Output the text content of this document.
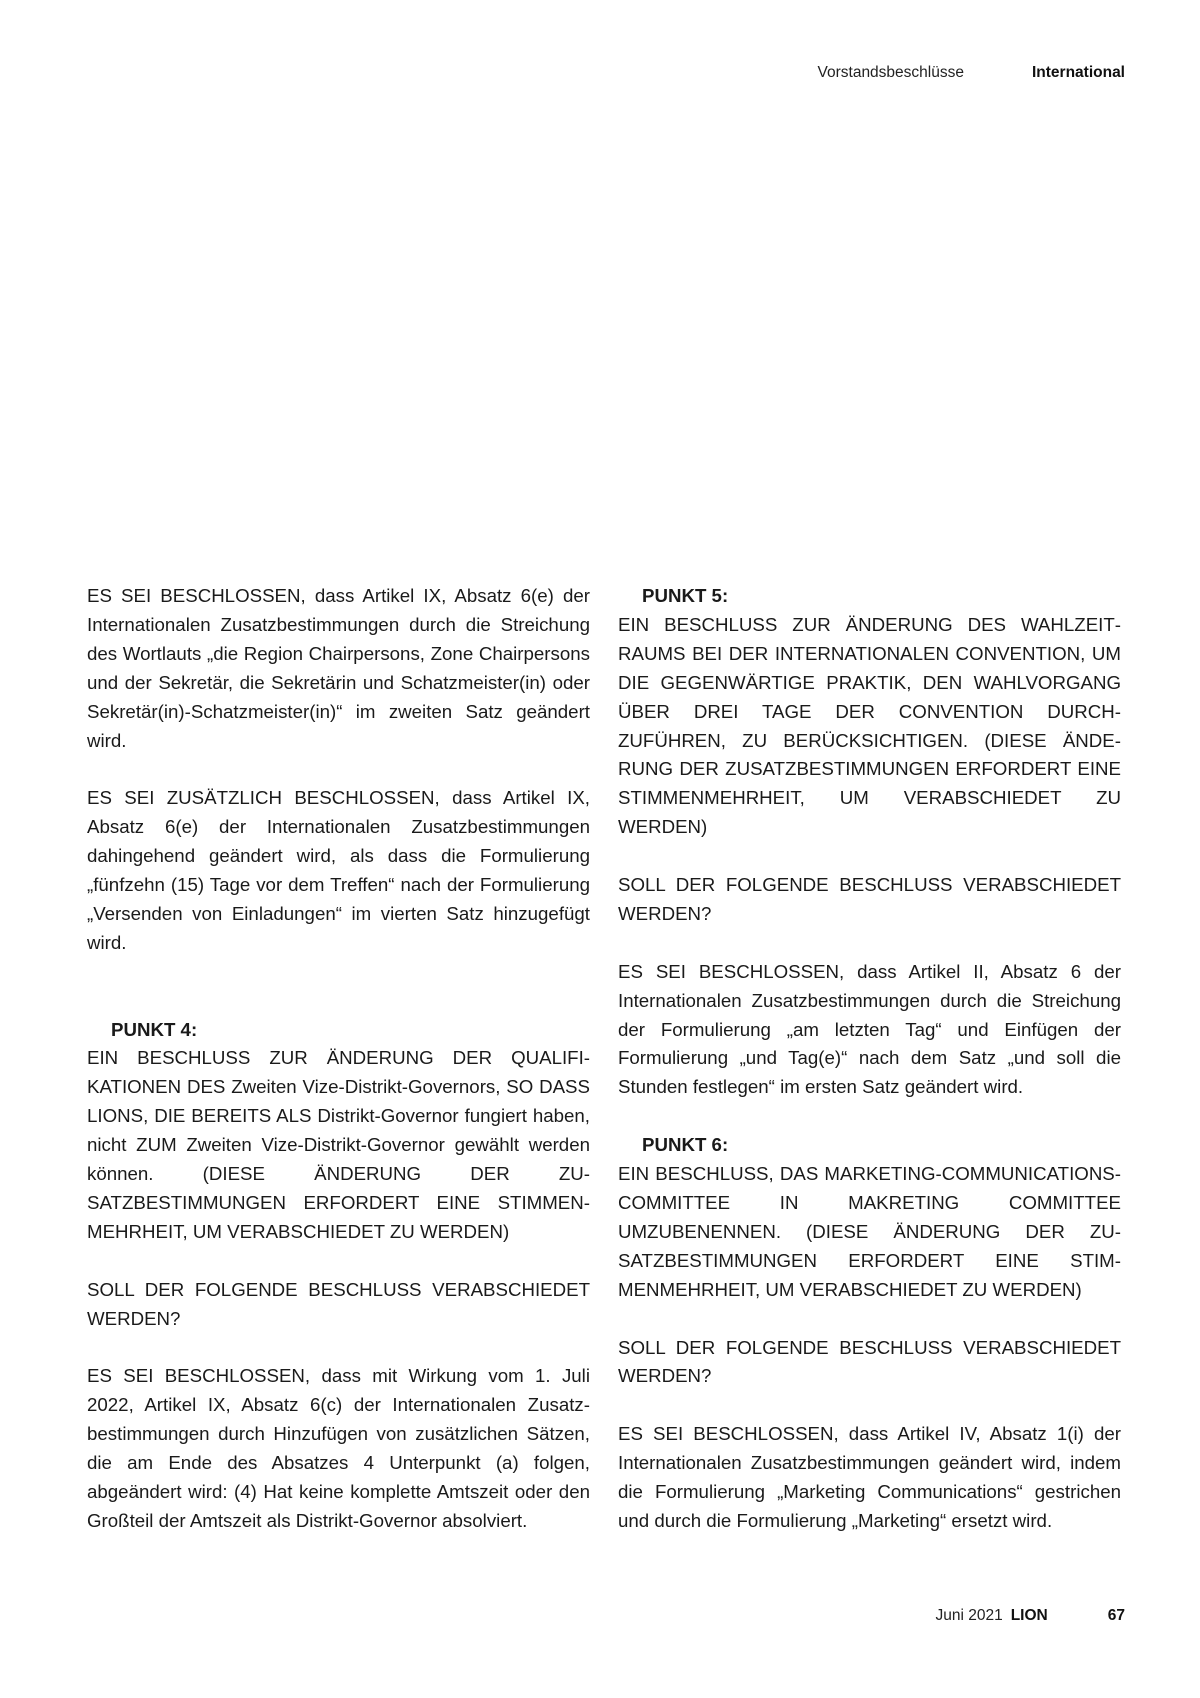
Vorstandsbeschlüsse	International

ES SEI BESCHLOSSEN, dass Artikel IX, Absatz 6(e) der Internationalen Zusatzbestimmungen durch die Streichung des Wortlauts „die Region Chairpersons, Zone Chairpersons und der Sekretär, die Sekretärin und Schatzmeister(in) oder Sekretär(in)-Schatzmeister(in)“ im zweiten Satz geändert wird.

ES SEI ZUSÄTZLICH BESCHLOSSEN, dass Artikel IX, Absatz 6(e) der Internationalen Zusatzbestimmungen dahingehend geändert wird, als dass die Formulierung „fünfzehn (15) Tage vor dem Treffen“ nach der Formulierung „Versenden von Einladungen“ im vierten Satz hinzugefügt wird.

PUNKT 4:

EIN BESCHLUSS ZUR ÄNDERUNG DER QUALIFIKATIONEN DES Zweiten Vize-Distrikt-Governors, SO DASS LIONS, DIE BEREITS ALS Distrikt-Governor fungiert haben, nicht ZUM Zweiten Vize-Distrikt-Governor gewählt werden können. (DIESE ÄNDERUNG DER ZUSATZBESTIMMUNGEN ERFORDERT EINE STIMMENMEHRHEIT, UM VERABSCHIEDET ZU WERDEN)

SOLL DER FOLGENDE BESCHLUSS VERABSCHIEDET WERDEN?

ES SEI BESCHLOSSEN, dass mit Wirkung vom 1. Juli 2022, Artikel IX, Absatz 6(c) der Internationalen Zusatzbestimmungen durch Hinzufügen von zusätzlichen Sätzen, die am Ende des Absatzes 4 Unterpunkt (a) folgen, abgeändert wird: (4) Hat keine komplette Amtszeit oder den Großteil der Amtszeit als Distrikt-Governor absolviert.

PUNKT 5:

EIN BESCHLUSS ZUR ÄNDERUNG DES WAHLZEITRAUMS BEI DER INTERNATIONALEN CONVENTION, UM DIE GEGENWÄRTIGE PRAKTIK, DEN WAHLVORGANG ÜBER DREI TAGE DER CONVENTION DURCHZUFÜHREN, ZU BERÜCKSICHTIGEN. (DIESE ÄNDERUNG DER ZUSATZBESTIMMUNGEN ERFORDERT EINE STIMMENMEHRHEIT, UM VERABSCHIEDET ZU WERDEN)

SOLL DER FOLGENDE BESCHLUSS VERABSCHIEDET WERDEN?

ES SEI BESCHLOSSEN, dass Artikel II, Absatz 6 der Internationalen Zusatzbestimmungen durch die Streichung der Formulierung „am letzten Tag“ und Einfügen der Formulierung „und Tag(e)“ nach dem Satz „und soll die Stunden festlegen“ im ersten Satz geändert wird.

PUNKT 6:

EIN BESCHLUSS, DAS MARKETING-COMMUNICATIONS-COMMITTEE IN MAKRETING COMMITTEE UMZUBENENNEN. (DIESE ÄNDERUNG DER ZUSATZBESTIMMUNGEN ERFORDERT EINE STIMMENMEHRHEIT, UM VERABSCHIEDET ZU WERDEN)

SOLL DER FOLGENDE BESCHLUSS VERABSCHIEDET WERDEN?

ES SEI BESCHLOSSEN, dass Artikel IV, Absatz 1(i) der Internationalen Zusatzbestimmungen geändert wird, indem die Formulierung „Marketing Communications“ gestrichen und durch die Formulierung „Marketing“ ersetzt wird.

Juni 2021 LION	67
